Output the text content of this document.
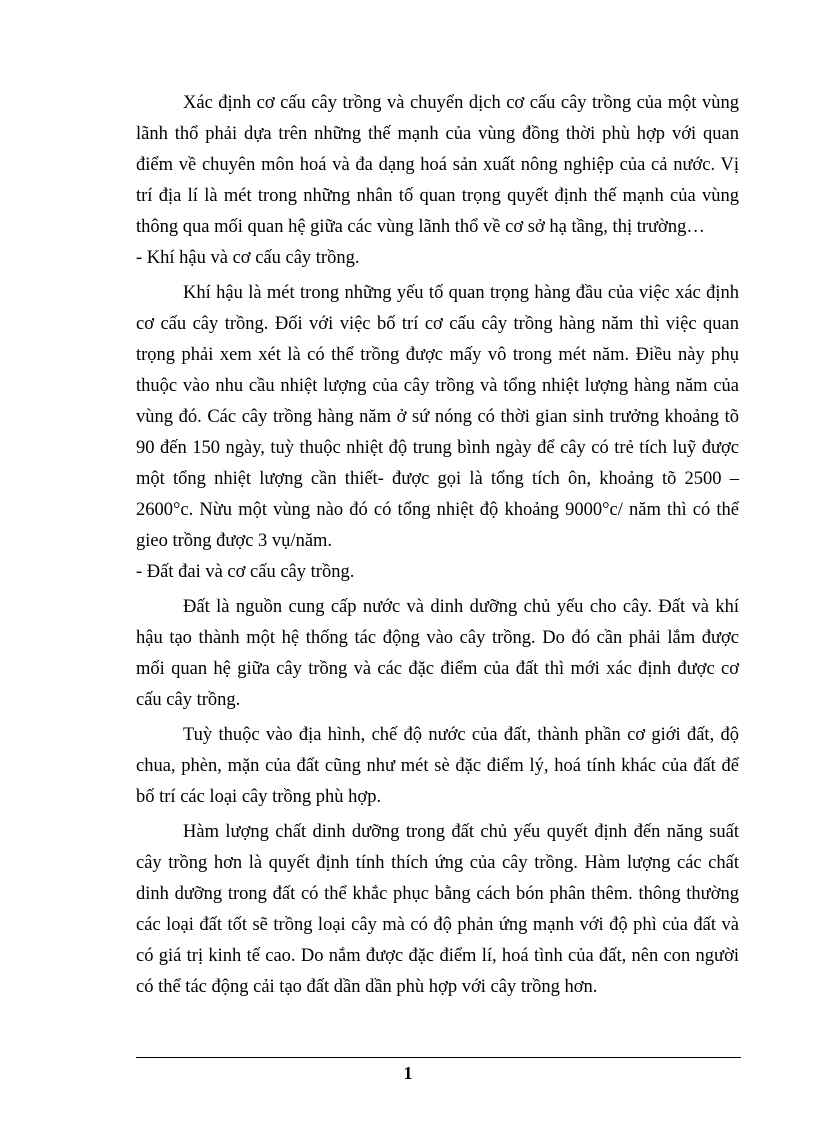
Xác định cơ cấu cây trồng và chuyển dịch cơ cấu cây trồng của một vùng lãnh thổ phải dựa trên những thế mạnh của vùng đồng thời phù hợp với quan điểm về chuyên môn hoá và đa dạng hoá sản xuất nông nghiệp của cả nước. Vị trí địa lí là mét trong những nhân tố quan trọng quyết định thế mạnh của vùng thông qua mối quan hệ giữa các vùng lãnh thổ về cơ sở hạ tầng, thị trường…

- Khí hậu và cơ cấu cây trồng.

Khí hậu là mét trong những yếu tố quan trọng hàng đầu của việc xác định cơ cấu cây trồng. Đối với việc bố trí cơ cấu cây trồng hàng năm thì việc quan trọng phải xem xét là có thể trồng được mấy vô trong mét năm. Điều này phụ thuộc vào nhu cầu nhiệt lượng của cây trồng và tổng nhiệt lượng hàng năm của vùng đó. Các cây trồng hàng năm ở sứ nóng có thời gian sinh trưởng khoảng tõ 90 đến 150 ngày, tuỳ thuộc nhiệt độ trung bình ngày để cây có trẻ tích luỹ được một tổng nhiệt lượng cần thiết- được gọi là tổng tích ôn, khoảng tõ 2500 – 2600°c. Nừu một vùng nào đó có tổng nhiệt độ khoảng 9000°c/ năm thì có thể gieo trồng được 3 vụ/năm.

- Đất đai và cơ cấu cây trồng.

Đất là nguồn cung cấp nước và dinh dưỡng chủ yếu cho cây. Đất và khí hậu tạo thành một hệ thống tác động vào cây trồng. Do đó cần phải lắm được mối quan hệ giữa cây trồng và các đặc điểm của đất thì mới xác định được cơ cấu cây trồng.

Tuỳ thuộc vào địa hình, chế độ nước của đất, thành phần cơ giới đất, độ chua, phèn, mặn của đất cũng như mét sè đặc điểm lý, hoá tính khác của đất để bố trí các loại cây trồng phù hợp.

Hàm lượng chất dinh dưỡng trong đất chủ yếu quyết định đến năng suất cây trồng hơn là quyết định tính thích ứng của cây trồng. Hàm lượng các chất dinh dưỡng trong đất có thể khắc phục bằng cách bón phân thêm. thông thường các loại đất tốt sẽ trồng loại cây mà có độ phản ứng mạnh với độ phì của đất và có giá trị kinh tế cao. Do nắm được đặc điểm lí, hoá tình của đất, nên con người có thể tác động cải tạo đất dần dần phù hợp với cây trồng hơn.

1
